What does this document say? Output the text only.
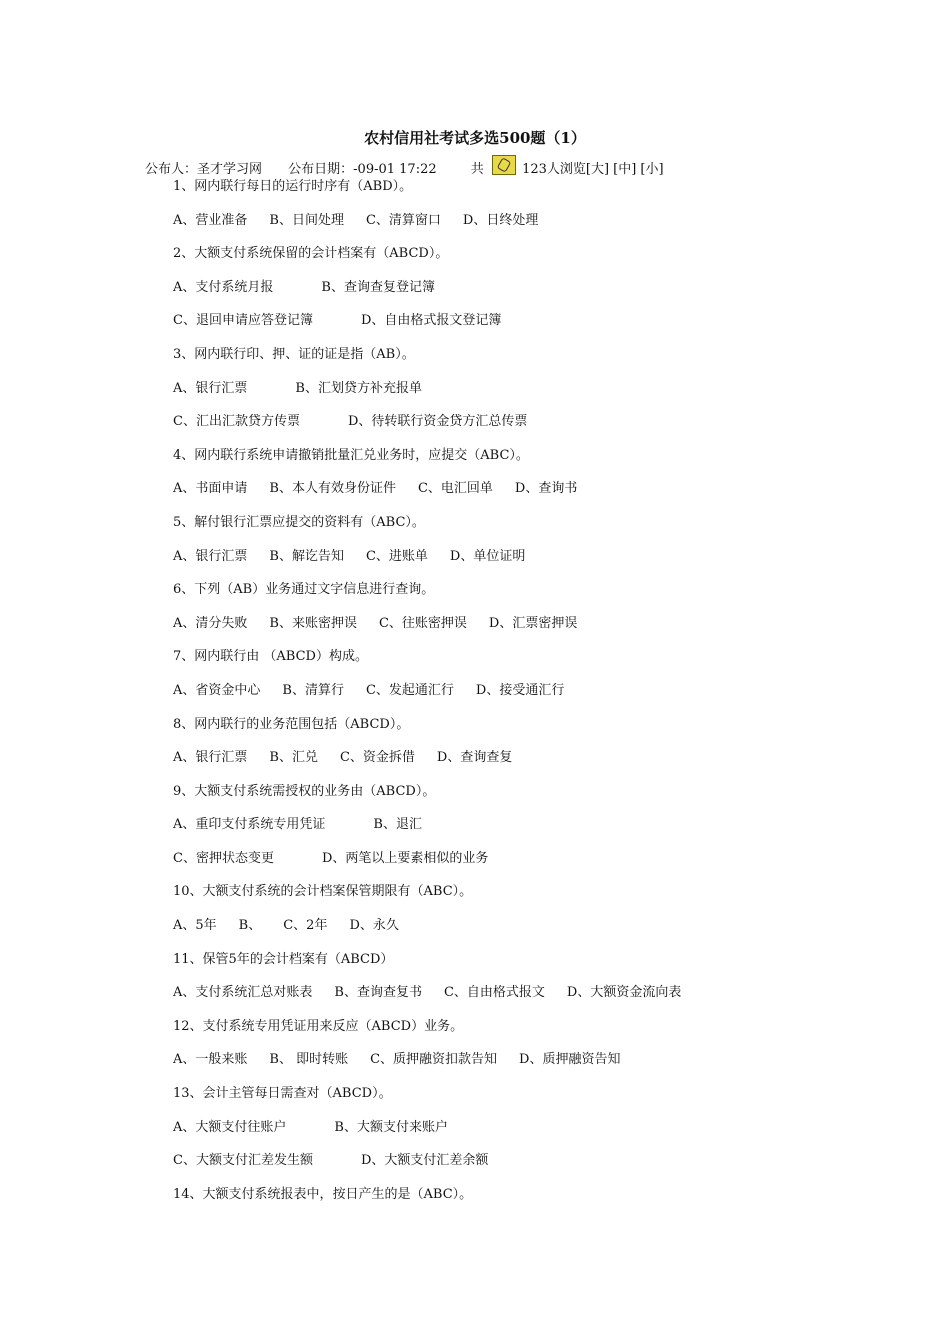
农村信用社考试多选500题（1）
公布人：圣才学习网 公布日期：-09-01 17:22	共	123人浏览[大] [中] [小]
1、网内联行每日的运行时序有（ABD）。
A、营业准备 B、日间处理 C、清算窗口 D、日终处理
2、大额支付系统保留的会计档案有（ABCD）。
A、支付系统月报	B、查询查复登记簿
C、退回申请应答登记簿	D、自由格式报文登记簿
3、网内联行印、押、证的证是指（AB）。
A、银行汇票	B、汇划贷方补充报单
C、汇出汇款贷方传票	D、待转联行资金贷方汇总传票
4、网内联行系统申请撤销批量汇兑业务时，应提交（ABC）。
A、书面申请 B、本人有效身份证件 C、电汇回单 D、查询书
5、解付银行汇票应提交的资料有（ABC）。
A、银行汇票 B、解讫告知 C、进账单 D、单位证明
6、下列（AB）业务通过文字信息进行查询。
A、清分失败 B、来账密押误 C、往账密押误 D、汇票密押误
7、网内联行由 （ABCD）构成。
A、省资金中心 B、清算行 C、发起通汇行 D、接受通汇行
8、网内联行的业务范围包括（ABCD）。
A、银行汇票 B、汇兑 C、资金拆借 D、查询查复
9、大额支付系统需授权的业务由（ABCD）。
A、重印支付系统专用凭证	B、退汇
C、密押状态变更	D、两笔以上要素相似的业务
10、大额支付系统的会计档案保管期限有（ABC）。
A、5年 B、 C、2年 D、永久
11、保管5年的会计档案有（ABCD）
A、支付系统汇总对账表 B、查询查复书 C、自由格式报文 D、大额资金流向表
12、支付系统专用凭证用来反应（ABCD）业务。
A、一般来账 B、 即时转账 C、质押融资扣款告知 D、质押融资告知
13、会计主管每日需查对（ABCD）。
A、大额支付往账户	B、大额支付来账户
C、大额支付汇差发生额	D、大额支付汇差余额
14、大额支付系统报表中，按日产生的是（ABC）。
